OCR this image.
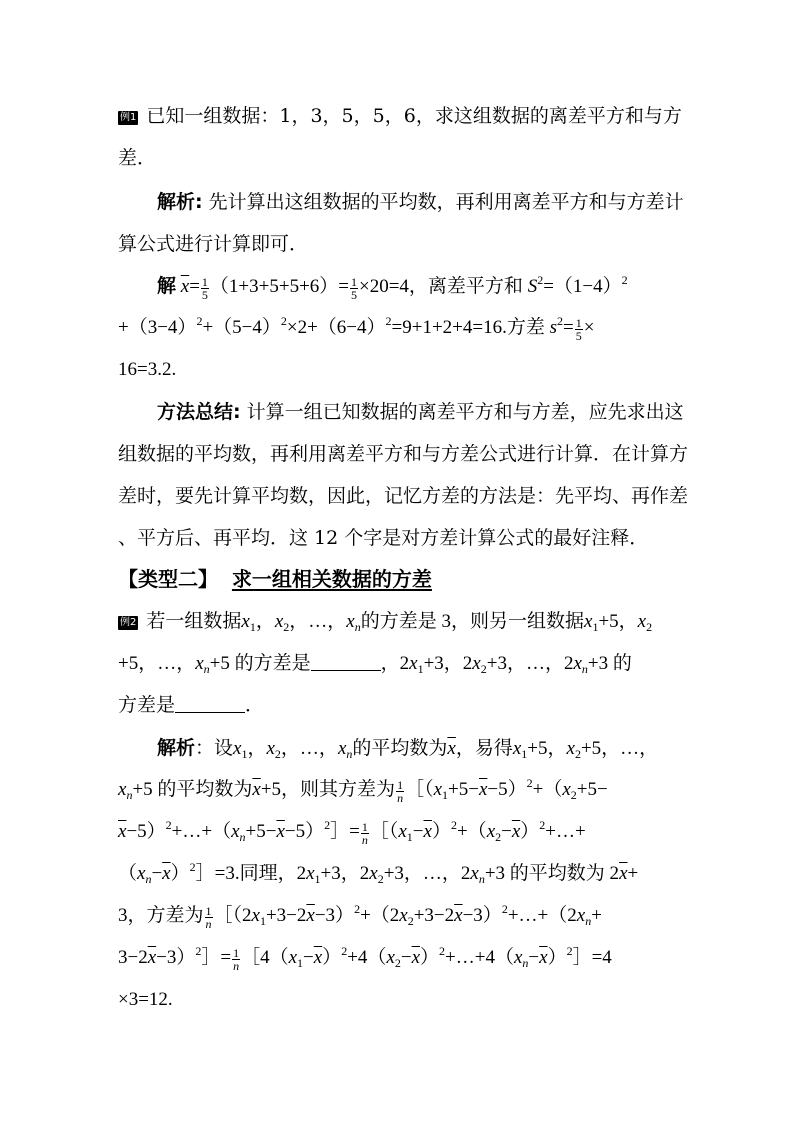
例1 已知一组数据：1，3，5，5，6，求这组数据的离差平方和与方
差．
解析: 先计算出这组数据的平均数，再利用离差平方和与方差计
算公式进行计算即可．
解 $\overline{x}= \frac{1}{5} (1+3+5+5+6)= \frac{1}{5} \times 20=4$，离差平方和 $S^2=(1-4)^2$
$+(3-4)^2+(5-4)^2\times 2+(6-4)^2=9+1+2+4=16$.方差 $s^2= \frac{1}{5}$ ×
16=3.2.
方法总结: 计算一组已知数据的离差平方和与方差，应先求出这
组数据的平均数，再利用离差平方和与方差公式进行计算．在计算方
差时，要先计算平均数，因此，记忆方差的方法是：先平均、再作差
、平方后、再平均．这 12 个字是对方差计算公式的最好注释．
【类型二】 求一组相关数据的方差
例2 若一组数据$x_1$，$x_2$，…，$x_n$的方差是 3，则另一组数据$x_1+5$，$x_2$
+5，…，$x_n+5$ 的方差是	，$2x_1+3$，$2x_2+3$，…，$2x_n+3$ 的
方差是	．
解析：设$x_1$，$x_2$，…，$x_n$的平均数为$\overline{x}$，易得$x_1+5$，$x_2+5$，…，
$x_n+5$ 的平均数为$\overline{x}+5$，则其方差为 $\frac{1}{n}$ $[(x_1+5-\overline{x}-5)^2+(x_2+5-$
$\overline{x}-5)^2+\dots+(x_n+5-\overline{x}-5)^2]= \frac{1}{n}$ $[(x_1-\overline{x})^2+(x_2-\overline{x})^2+\dots+$
$(x_n-\overline{x})^2]=3$.同理，$2x_1+3$，$2x_2+3$，…，$2x_n+3$ 的平均数为 $2\overline{x}+$
3，方差为 $\frac{1}{n}$ $[(2x_1+3-2\overline{x}-3)^2+(2x_2+3-2\overline{x}-3)^2+\dots+(2x_n+$
$3-2\overline{x}-3)^2]= \frac{1}{n}$ $[4(x_1-\overline{x})^2+4(x_2-\overline{x})^2+\dots+4(x_n-\overline{x})^2]=4$
×3=12.
